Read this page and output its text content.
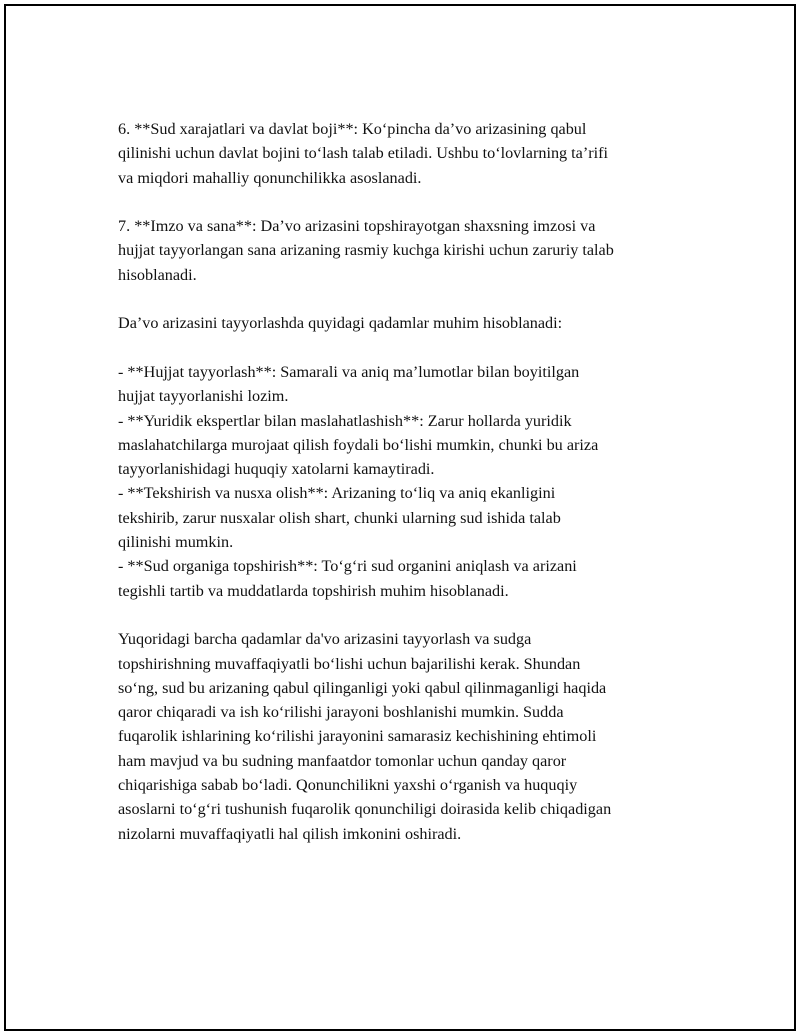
6. **Sud xarajatlari va davlat boji**: Ko‘pincha da’vo arizasining qabul

qilinishi uchun davlat bojini to‘lash talab etiladi. Ushbu to‘lovlarning ta’rifi

va miqdori mahalliy qonunchilikka asoslanadi.

7. **Imzo va sana**: Da’vo arizasini topshirayotgan shaxsning imzosi va

hujjat tayyorlangan sana arizaning rasmiy kuchga kirishi uchun zaruriy talab

hisoblanadi.

Da’vo arizasini tayyorlashda quyidagi qadamlar muhim hisoblanadi:

- **Hujjat tayyorlash**: Samarali va aniq ma’lumotlar bilan boyitilgan

hujjat tayyorlanishi lozim.

- **Yuridik ekspertlar bilan maslahatlashish**: Zarur hollarda yuridik

maslahatchilarga murojaat qilish foydali bo‘lishi mumkin, chunki bu ariza

tayyorlanishidagi huquqiy xatolarni kamaytiradi.

- **Tekshirish va nusxa olish**: Arizaning to‘liq va aniq ekanligini

tekshirib, zarur nusxalar olish shart, chunki ularning sud ishida talab

qilinishi mumkin.

- **Sud organiga topshirish**: To‘g‘ri sud organini aniqlash va arizani

tegishli tartib va muddatlarda topshirish muhim hisoblanadi.

Yuqoridagi barcha qadamlar da'vo arizasini tayyorlash va sudga

topshirishning muvaffaqiyatli bo‘lishi uchun bajarilishi kerak. Shundan

so‘ng, sud bu arizaning qabul qilinganligi yoki qabul qilinmaganligi haqida

qaror chiqaradi va ish ko‘rilishi jarayoni boshlanishi mumkin. Sudda

fuqarolik ishlarining ko‘rilishi jarayonini samarasiz kechishining ehtimoli

ham mavjud va bu sudning manfaatdor tomonlar uchun qanday qaror

chiqarishiga sabab bo‘ladi. Qonunchilikni yaxshi o‘rganish va huquqiy

asoslarni to‘g‘ri tushunish fuqarolik qonunchiligi doirasida kelib chiqadigan

nizolarni muvaffaqiyatli hal qilish imkonini oshiradi.
